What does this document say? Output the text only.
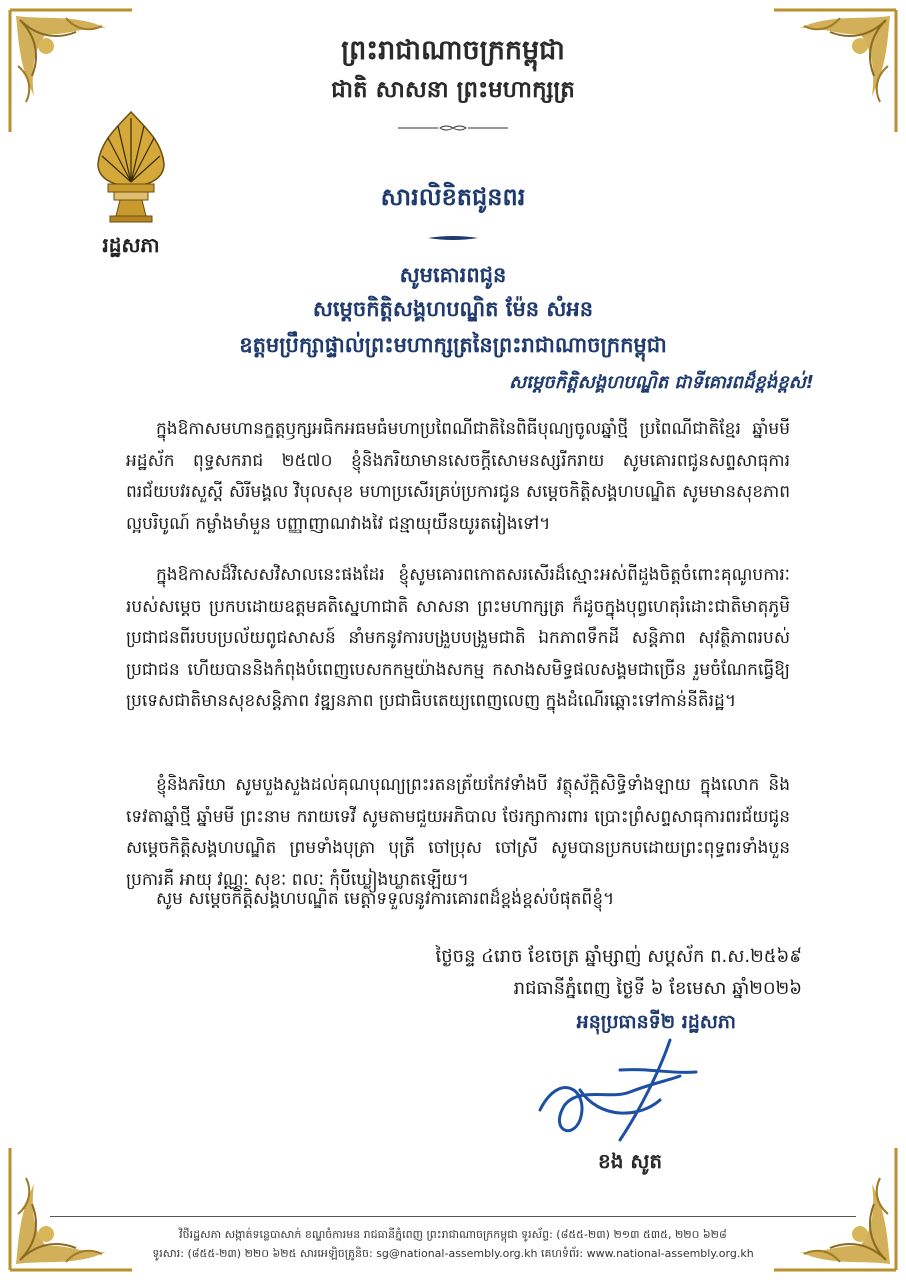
រដ្ឋសភា
ព្រះរាជាណាចក្រកម្ពុជា
ជាតិ សាសនា ព្រះមហាក្សត្រ
សារលិខិតជូនពរ
សូមគោរពជូន
សម្ដេចកិត្តិសង្គហបណ្ឌិត ម៉ែន សំអន
ឧត្តមប្រឹក្សាផ្ទាល់ព្រះមហាក្សត្រនៃព្រះរាជាណាចក្រកម្ពុជា
សម្ដេចកិត្តិសង្គហបណ្ឌិត ជាទីគោរពដ៏ខ្ពង់ខ្ពស់!
ក្នុងឱកាសមហានក្ខត្តឫក្សអធិកអធមធំមហាប្រពៃណីជាតិនៃពិធីបុណ្យចូលឆ្នាំថ្មី ប្រពៃណីជាតិខ្មែរ ឆ្នាំមមី អដ្ឋស័ក ពុទ្ធសករាជ ២៥៧០ ខ្ញុំនិងភរិយាមានសេចក្ដីសោមនស្សរីករាយ សូមគោរពជូនសព្ទសាធុការពរជ័យបវរសួស្ដី សិរីមង្គល វិបុលសុខ មហាប្រសើរគ្រប់ប្រការជូន សម្ដេចកិត្តិសង្គហបណ្ឌិត សូមមានសុខភាពល្អបរិបូណ៍ កម្លាំងមាំមួន បញ្ញាញាណវាងវៃ ជន្មាយុយឺនយូរតរៀងទៅ។
ក្នុងឱកាសដ៏វិសេសវិសាលនេះផងដែរ ខ្ញុំសូមគោរពកោតសរសើរដ៏ស្មោះអស់ពីដួងចិត្តចំពោះគុណូបការៈរបស់សម្ដេច ប្រកបដោយឧត្តមគតិស្នេហាជាតិ សាសនា ព្រះមហាក្សត្រ ក៏ដូចក្នុងបុព្វហេតុរំដោះជាតិមាតុភូមិប្រជាជនពីរបបប្រល័យពូជសាសន៍ នាំមកនូវការបង្រួបបង្រួមជាតិ ឯកភាពទឹកដី សន្តិភាព សុវត្ថិភាពរបស់ប្រជាជន ហើយបាននិងកំពុងបំពេញបេសកកម្មយ៉ាងសកម្ម កសាងសមិទ្ធផលសង្គមជាច្រើន រួមចំណែកធ្វើឱ្យប្រទេសជាតិមានសុខសន្តិភាព វឌ្ឍនភាព ប្រជាធិបតេយ្យពេញលេញ ក្នុងដំណើរឆ្ពោះទៅកាន់នីតិរដ្ឋ។
ខ្ញុំនិងភរិយា សូមបួងសួងដល់គុណបុណ្យព្រះរតនត្រ័យកែវទាំងបី វត្ថុស័ក្ដិសិទ្ធិទាំងឡាយ ក្នុងលោក និងទេវតាឆ្នាំថ្មី ឆ្នាំមមី ព្រះនាម ករាយទេវី សូមតាមជួយអភិបាល ថែរក្សាការពារ ប្រោះព្រំសព្ទសាធុការពរជ័យជូន សម្ដេចកិត្តិសង្គហបណ្ឌិត ព្រមទាំងបុត្រា បុត្រី ចៅប្រុស ចៅស្រី សូមបានប្រកបដោយព្រះពុទ្ធពរទាំងបួនប្រការគឺ អាយុ វណ្ណៈ សុខៈ ពលៈ កុំបីឃ្លៀងឃ្លាតឡើយ។
សូម សម្ដេចកិត្តិសង្គហបណ្ឌិត មេត្តាទទួលនូវការគោរពដ៏ខ្ពង់ខ្ពស់បំផុតពីខ្ញុំ។
ថ្ងៃចន្ទ ៤រោច ខែចេត្រ ឆ្នាំម្សាញ់ សប្តស័ក ព.ស.២៥៦៩
រាជធានីភ្នំពេញ ថ្ងៃទី ៦ ខែមេសា ឆ្នាំ២០២៦
អនុប្រធានទី២ រដ្ឋសភា
ខង សូត
វិថីរដ្ឋសភា សង្កាត់ទន្លេបាសាក់ ខណ្ឌចំការមន រាជធានីភ្នំពេញ ព្រះរាជាណាចក្រកម្ពុជា ទូរស័ព្ទ: (៨៥៥-២៣) ២១៣ ៥៣៥, ២២០ ៦២៨
ទូរសារ: (៨៥៥-២៣) ២២០ ៦២៥ សារអេឡិចត្រូនិច: sg@national-assembly.org.kh គេហទំព័រ: www.national-assembly.org.kh
